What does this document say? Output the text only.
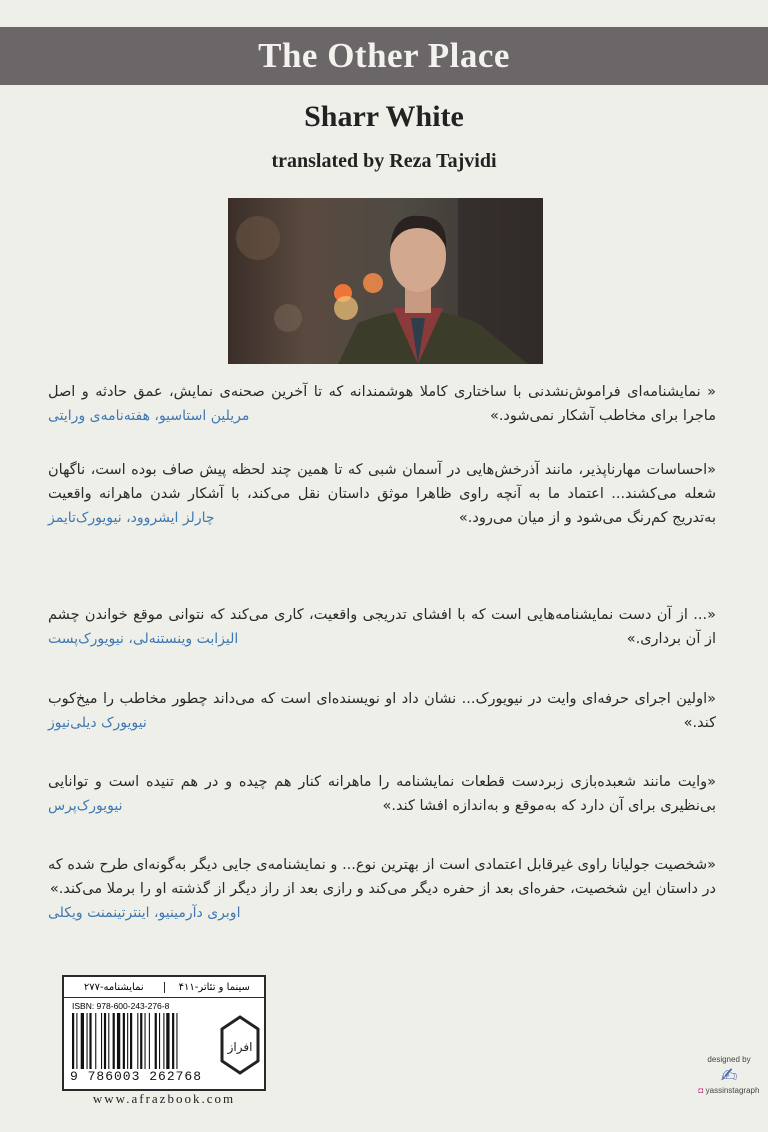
The Other Place
Sharr White
translated by Reza Tajvidi
« نمایشنامه‌ای فراموش‌نشدنی با ساختاری کاملا هوشمندانه که تا آخرین صحنه‌ی نمایش، عمق حادثه و اصل ماجرا برای مخاطب آشکار نمی‌شود.»
مریلین استاسیو، هفته‌نامه‌ی ورایتی
«احساسات مهارناپذیر، مانند آذرخش‌هایی در آسمان شبی که تا همین چند لحظه پیش صاف بوده است، ناگهان شعله می‌کشند... اعتماد ما به آنچه راوی ظاهرا موثق داستان نقل می‌کند، با آشکار شدن ماهرانه واقعیت به‌تدریج کم‌رنگ می‌شود و از میان می‌رود.»
چارلز ایشروود، نیویورک‌تایمز
«... از آن دست نمایشنامه‌هایی است که با افشای تدریجی واقعیت، کاری می‌کند که نتوانی موقع خواندن چشم از آن برداری.»
الیزابت وینستنه‌لی، نیویورک‌پست
«اولین اجرای حرفه‌ای وایت در نیویورک... نشان داد او نویسنده‌ای است که می‌داند چطور مخاطب را میخ‌کوب کند.»
نیویورک دیلی‌نیوز
«وایت مانند شعبده‌بازی زبردست قطعات نمایشنامه را ماهرانه کنار هم چیده و در هم تنیده است و توانایی بی‌نظیری برای آن دارد که به‌موقع و به‌اندازه افشا کند.»
نیویورک‌پرس
«شخصیت جولیانا راوی غیرقابل اعتمادی است از بهترین نوع... و نمایشنامه‌ی جایی دیگر به‌گونه‌ای طرح شده که در داستان این شخصیت، حفره‌ای بعد از حفره دیگر می‌کند و رازی بعد از راز دیگر از گذشته او را برملا می‌کند.»
اوبری دآرمینیو، اینترتینمنت ویکلی
سینما و تئاتر-۴۱۱
نمایشنامه-۲۷۷
ISBN: 978-600-243-276-8
9 786003 262768
افراز
www.afrazbook.com
designed by
✍
◘ yassinstagraph
